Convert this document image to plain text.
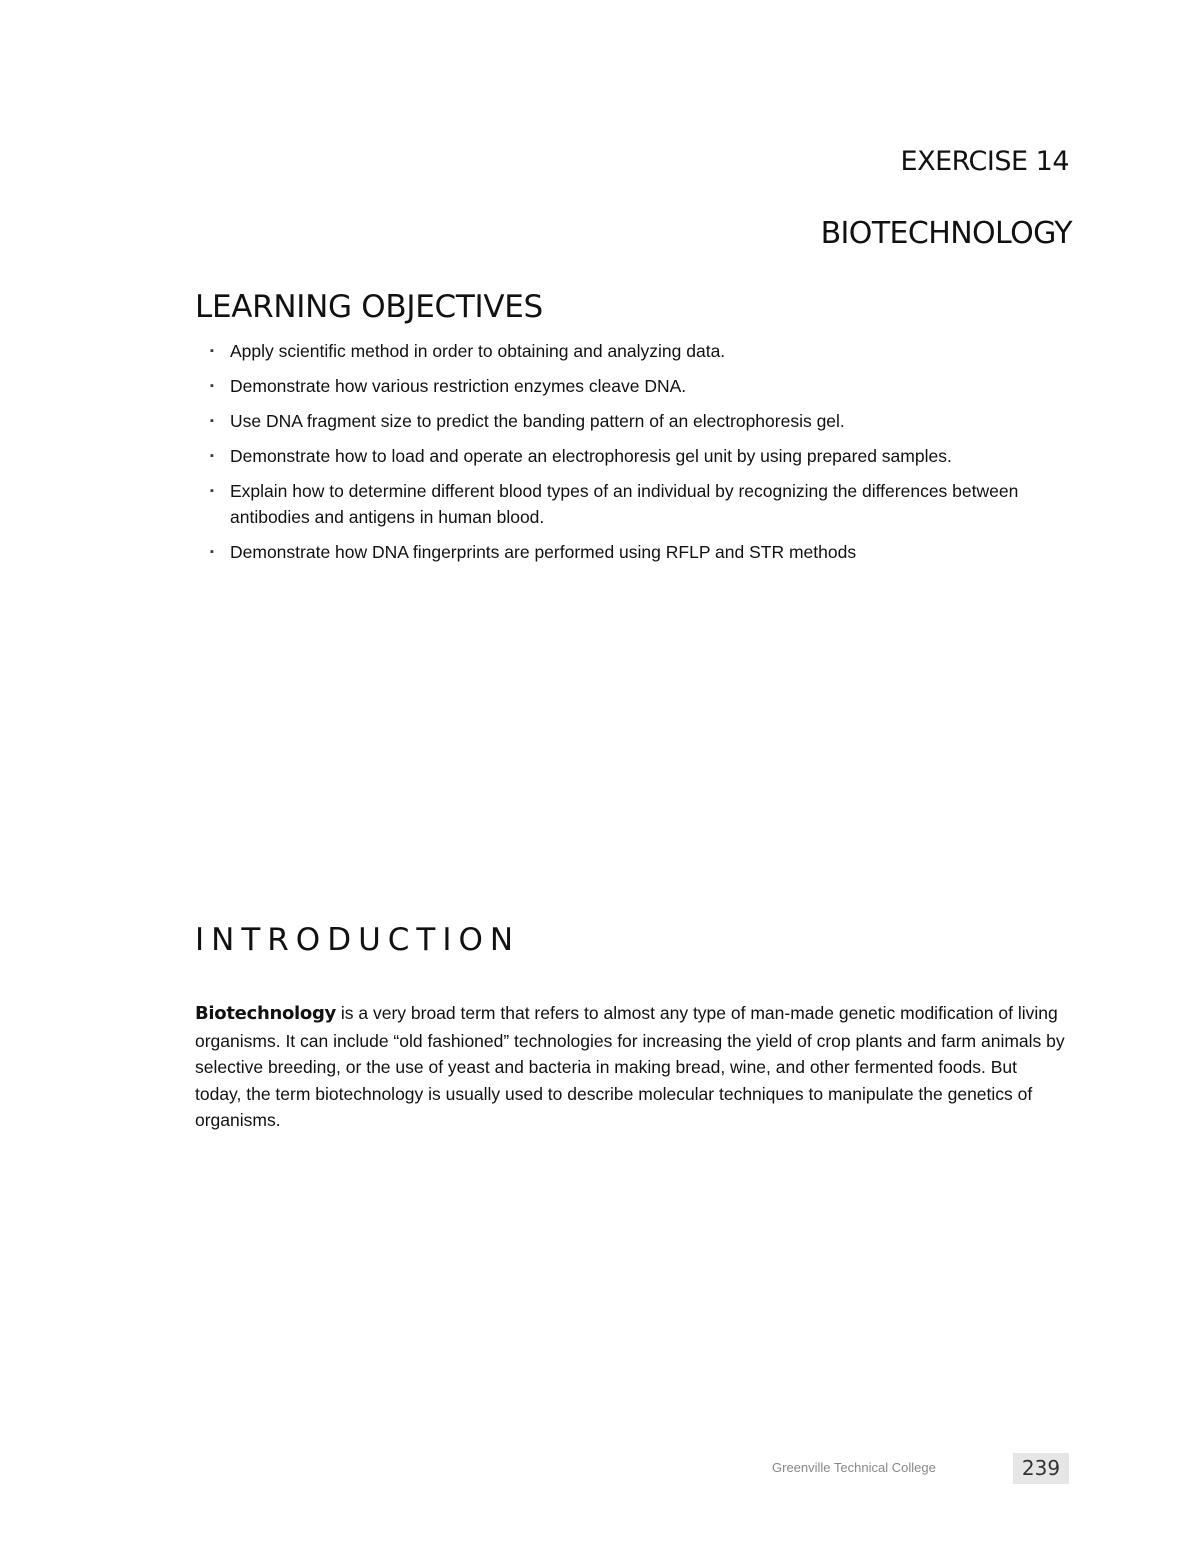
EXERCISE 14
BIOTECHNOLOGY
LEARNING OBJECTIVES
▪ Apply scientific method in order to obtaining and analyzing data.
▪ Demonstrate how various restriction enzymes cleave DNA.
▪ Use DNA fragment size to predict the banding pattern of an electrophoresis gel.
▪ Demonstrate how to load and operate an electrophoresis gel unit by using prepared samples.
▪ Explain how to determine different blood types of an individual by recognizing the differences between antibodies and antigens in human blood.
▪ Demonstrate how DNA fingerprints are performed using RFLP and STR methods
INTRODUCTION

Biotechnology is a very broad term that refers to almost any type of man-made genetic modification of living organisms. It can include “old fashioned” technologies for increasing the yield of crop plants and farm animals by selective breeding, or the use of yeast and bacteria in making bread, wine, and other fermented foods. But today, the term biotechnology is usually used to describe molecular techniques to manipulate the genetics of organisms.

Greenville Technical College	239
